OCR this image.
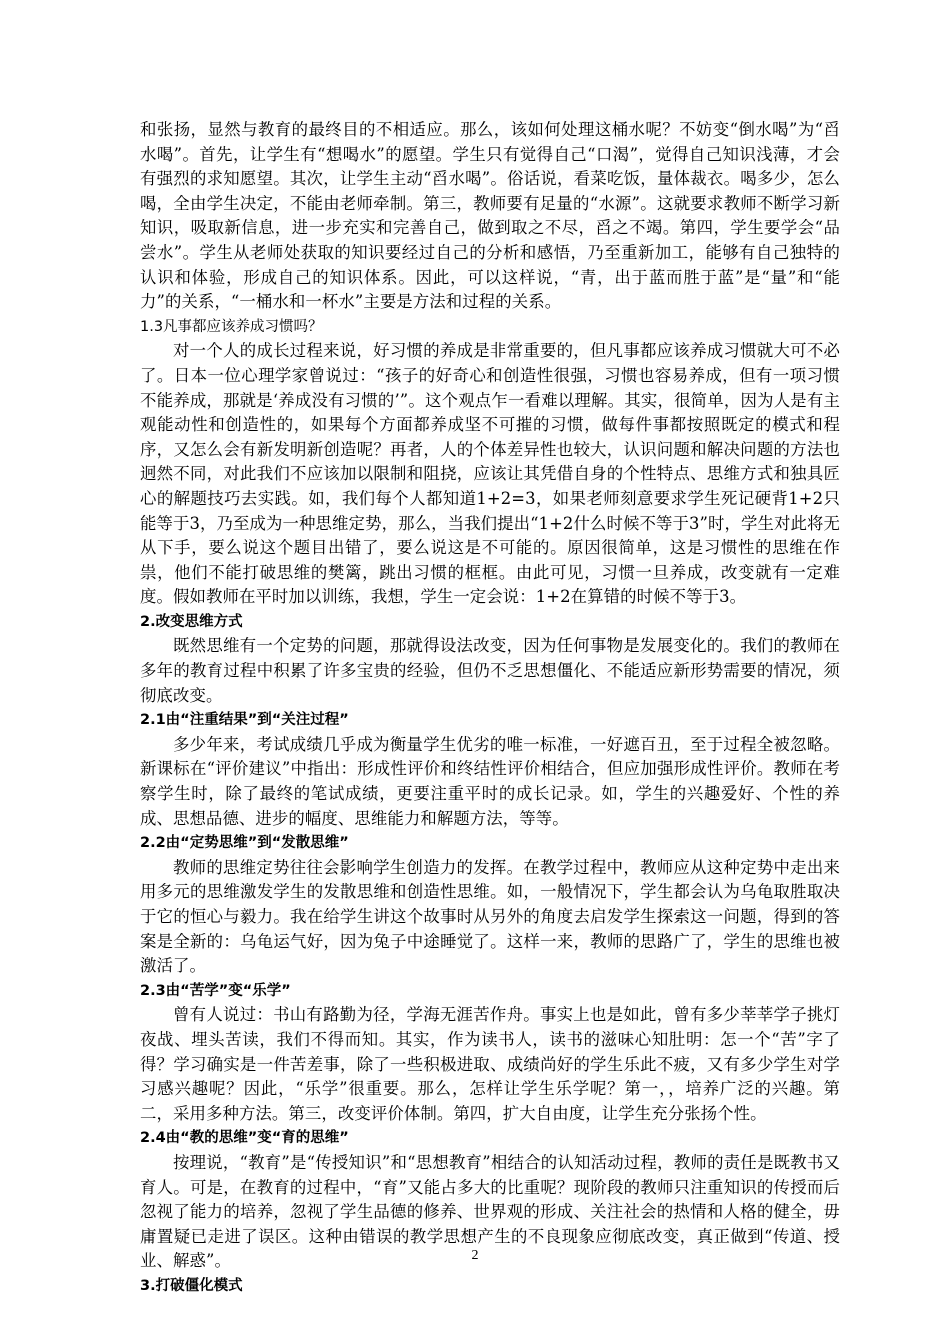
和张扬，显然与教育的最终目的不相适应。那么，该如何处理这桶水呢？不妨变“倒水喝”为“舀水喝”。首先，让学生有“想喝水”的愿望。学生只有觉得自己“口渴”，觉得自己知识浅薄，才会有强烈的求知愿望。其次，让学生主动“舀水喝”。俗话说，看菜吃饭，量体裁衣。喝多少，怎么喝，全由学生决定，不能由老师牵制。第三，教师要有足量的“水源”。这就要求教师不断学习新知识，吸取新信息，进一步充实和完善自己，做到取之不尽，舀之不竭。第四，学生要学会“品尝水”。学生从老师处获取的知识要经过自己的分析和感悟，乃至重新加工，能够有自己独特的认识和体验，形成自己的知识体系。因此，可以这样说，“青，出于蓝而胜于蓝”是“量”和“能力”的关系，“一桶水和一杯水”主要是方法和过程的关系。

1.3凡事都应该养成习惯吗？

对一个人的成长过程来说，好习惯的养成是非常重要的，但凡事都应该养成习惯就大可不必了。日本一位心理学家曾说过：“孩子的好奇心和创造性很强，习惯也容易养成，但有一项习惯不能养成，那就是‘养成没有习惯的’”。这个观点乍一看难以理解。其实，很简单，因为人是有主观能动性和创造性的，如果每个方面都养成坚不可摧的习惯，做每件事都按照既定的模式和程序，又怎么会有新发明新创造呢？再者，人的个体差异性也较大，认识问题和解决问题的方法也迥然不同，对此我们不应该加以限制和阻挠，应该让其凭借自身的个性特点、思维方式和独具匠心的解题技巧去实践。如，我们每个人都知道1+2=3，如果老师刻意要求学生死记硬背1+2只能等于3，乃至成为一种思维定势，那么，当我们提出“1+2什么时候不等于3”时，学生对此将无从下手，要么说这个题目出错了，要么说这是不可能的。原因很简单，这是习惯性的思维在作祟，他们不能打破思维的樊篱，跳出习惯的框框。由此可见，习惯一旦养成，改变就有一定难度。假如教师在平时加以训练，我想，学生一定会说：1+2在算错的时候不等于3。

2.改变思维方式

既然思维有一个定势的问题，那就得设法改变，因为任何事物是发展变化的。我们的教师在多年的教育过程中积累了许多宝贵的经验，但仍不乏思想僵化、不能适应新形势需要的情况，须彻底改变。

2.1由“注重结果”到“关注过程”

多少年来，考试成绩几乎成为衡量学生优劣的唯一标准，一好遮百丑，至于过程全被忽略。新课标在“评价建议”中指出：形成性评价和终结性评价相结合，但应加强形成性评价。教师在考察学生时，除了最终的笔试成绩，更要注重平时的成长记录。如，学生的兴趣爱好、个性的养成、思想品德、进步的幅度、思维能力和解题方法，等等。

2.2由“定势思维”到“发散思维”

教师的思维定势往往会影响学生创造力的发挥。在教学过程中，教师应从这种定势中走出来用多元的思维激发学生的发散思维和创造性思维。如，一般情况下，学生都会认为乌龟取胜取决于它的恒心与毅力。我在给学生讲这个故事时从另外的角度去启发学生探索这一问题，得到的答案是全新的：乌龟运气好，因为兔子中途睡觉了。这样一来，教师的思路广了，学生的思维也被激活了。

2.3由“苦学”变“乐学”

曾有人说过：书山有路勤为径，学海无涯苦作舟。事实上也是如此，曾有多少莘莘学子挑灯夜战、埋头苦读，我们不得而知。其实，作为读书人，读书的滋味心知肚明：怎一个“苦”字了得？学习确实是一件苦差事，除了一些积极进取、成绩尚好的学生乐此不疲，又有多少学生对学习感兴趣呢？因此，“乐学”很重要。那么，怎样让学生乐学呢？第一，，培养广泛的兴趣。第二，采用多种方法。第三，改变评价体制。第四，扩大自由度，让学生充分张扬个性。

2.4由“教的思维”变“育的思维”

按理说，“教育”是“传授知识”和“思想教育”相结合的认知活动过程，教师的责任是既教书又育人。可是，在教育的过程中，“育”又能占多大的比重呢？现阶段的教师只注重知识的传授而后忽视了能力的培养，忽视了学生品德的修养、世界观的形成、关注社会的热情和人格的健全，毋庸置疑已走进了误区。这种由错误的教学思想产生的不良现象应彻底改变，真正做到“传道、授业、解惑”。

3.打破僵化模式

2
